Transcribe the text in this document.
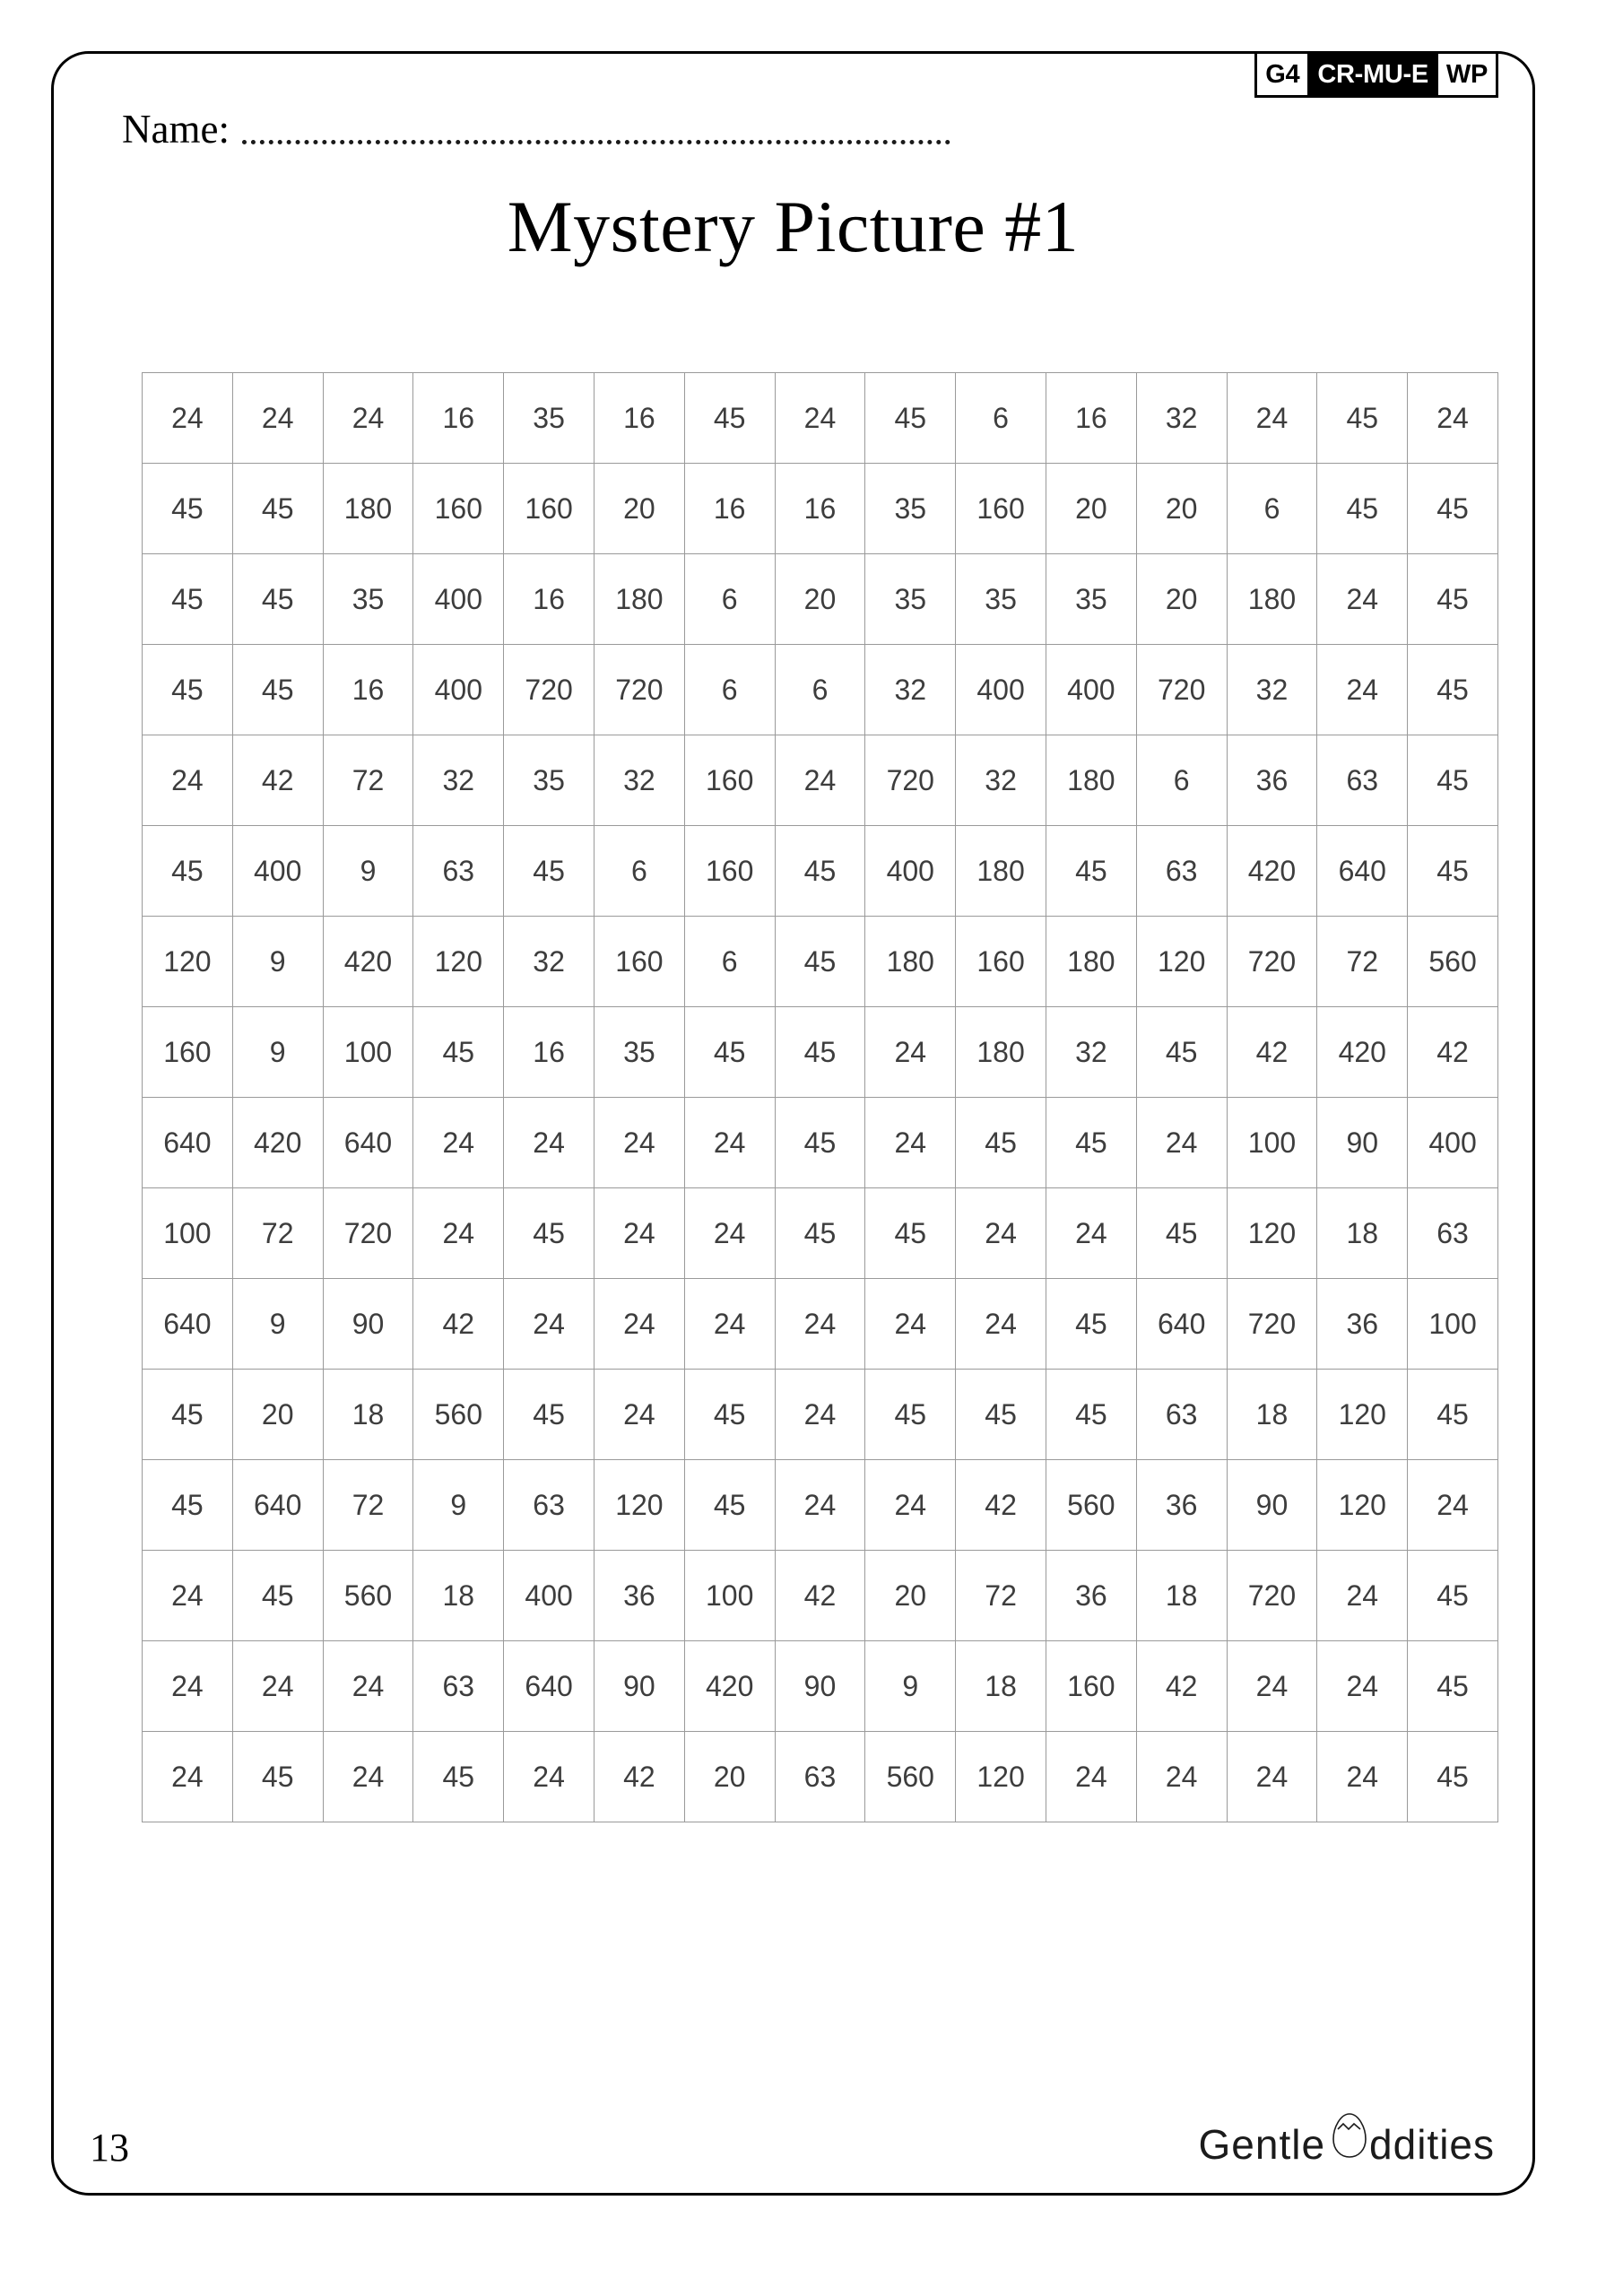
G4 CR-MU-E WP
Name:
Mystery Picture #1
24	24	24	16	35	16	45	24	45	6	16	32	24	45	24
45	45	180	160	160	20	16	16	35	160	20	20	6	45	45
45	45	35	400	16	180	6	20	35	35	35	20	180	24	45
45	45	16	400	720	720	6	6	32	400	400	720	32	24	45
24	42	72	32	35	32	160	24	720	32	180	6	36	63	45
45	400	9	63	45	6	160	45	400	180	45	63	420	640	45
120	9	420	120	32	160	6	45	180	160	180	120	720	72	560
160	9	100	45	16	35	45	45	24	180	32	45	42	420	42
640	420	640	24	24	24	24	45	24	45	45	24	100	90	400
100	72	720	24	45	24	24	45	45	24	24	45	120	18	63
640	9	90	42	24	24	24	24	24	24	45	640	720	36	100
45	20	18	560	45	24	45	24	45	45	45	63	18	120	45
45	640	72	9	63	120	45	24	24	42	560	36	90	120	24
24	45	560	18	400	36	100	42	20	72	36	18	720	24	45
24	24	24	63	640	90	420	90	9	18	160	42	24	24	45
24	45	24	45	24	42	20	63	560	120	24	24	24	24	45
13	Gentle ddities
